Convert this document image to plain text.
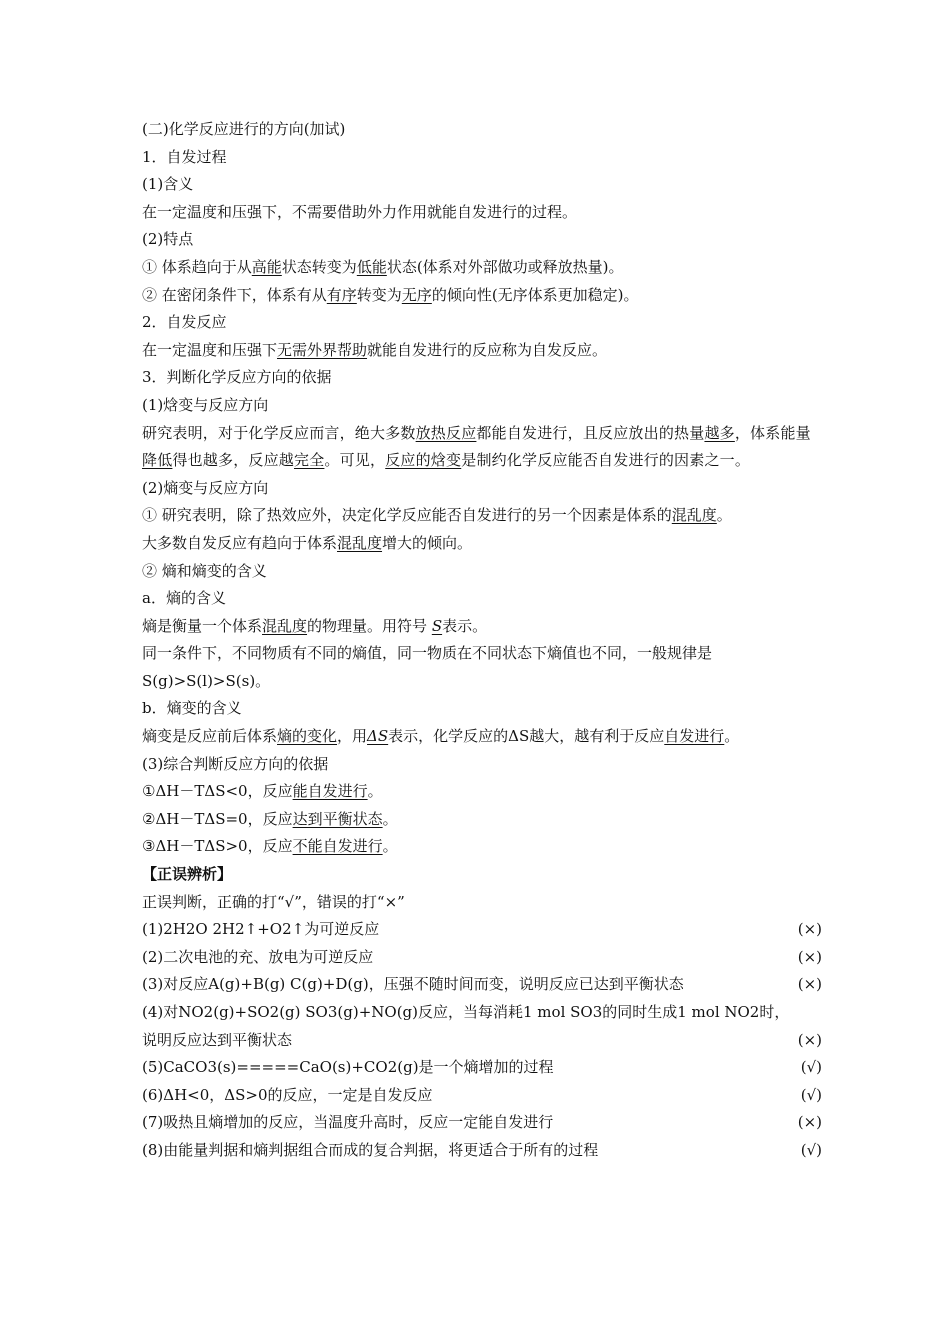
(二)化学反应进行的方向(加试)
1．自发过程
(1)含义
在一定温度和压强下，不需要借助外力作用就能自发进行的过程。
(2)特点
① 体系趋向于从高能状态转变为低能状态(体系对外部做功或释放热量)。
② 在密闭条件下，体系有从有序转变为无序的倾向性(无序体系更加稳定)。
2．自发反应
在一定温度和压强下无需外界帮助就能自发进行的反应称为自发反应。
3．判断化学反应方向的依据
(1)焓变与反应方向
研究表明，对于化学反应而言，绝大多数放热反应都能自发进行，且反应放出的热量越多，体系能量降低得也越多，反应越完全。可见，反应的焓变是制约化学反应能否自发进行的因素之一。
(2)熵变与反应方向
① 研究表明，除了热效应外，决定化学反应能否自发进行的另一个因素是体系的混乱度。
大多数自发反应有趋向于体系混乱度增大的倾向。
② 熵和熵变的含义
a．熵的含义
熵是衡量一个体系混乱度的物理量。用符号 S表示。
同一条件下，不同物质有不同的熵值，同一物质在不同状态下熵值也不同，一般规律是
S(g)>S(l)>S(s)。
b．熵变的含义
熵变是反应前后体系熵的变化，用ΔS表示，化学反应的ΔS越大，越有利于反应自发进行。
(3)综合判断反应方向的依据
①ΔH－TΔS<0，反应能自发进行。
②ΔH－TΔS=0，反应达到平衡状态。
③ΔH－TΔS>0，反应不能自发进行。
【正误辨析】
正误判断，正确的打“√”，错误的打“×”
(1)2H2O 2H2↑+O2↑为可逆反应	(×)
(2)二次电池的充、放电为可逆反应	(×)
(3)对反应A(g)+B(g) C(g)+D(g)，压强不随时间而变，说明反应已达到平衡状态	(×)
(4)对NO2(g)+SO2(g) SO3(g)+NO(g)反应，当每消耗1 mol SO3的同时生成1 mol NO2时，
说明反应达到平衡状态	(×)
(5)CaCO3(s)=====CaO(s)+CO2(g)是一个熵增加的过程	(√)
(6)ΔH<0，ΔS>0的反应，一定是自发反应	(√)
(7)吸热且熵增加的反应，当温度升高时，反应一定能自发进行	(×)
(8)由能量判据和熵判据组合而成的复合判据，将更适合于所有的过程	(√)
